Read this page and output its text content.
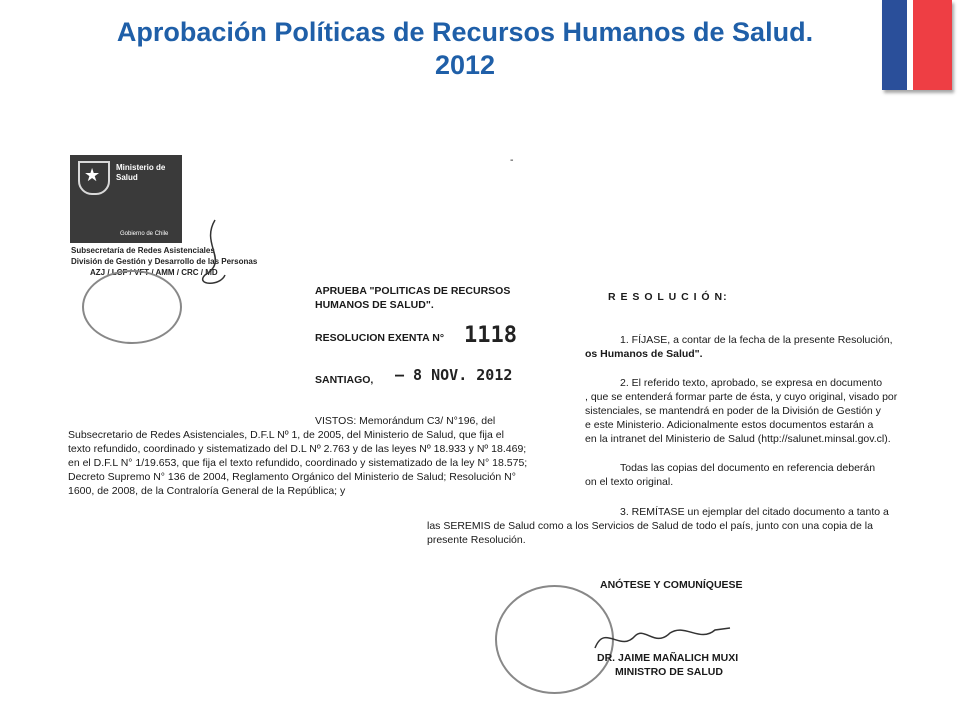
Aprobación Políticas de Recursos Humanos de Salud.
2012
★ Ministerio de Salud
Gobierno de Chile
Subsecretaría de Redes Asistenciales
División de Gestión y Desarrollo de las Personas
AZJ / LCF / VFT / AMM / CRC / MD
-
APRUEBA "POLITICAS DE RECURSOS
HUMANOS DE SALUD".
RESOLUCION EXENTA N° 1118
SANTIAGO, – 8 NOV. 2012
VISTOS: Memorándum C3/ N°196, del
Subsecretario de Redes Asistenciales, D.F.L Nº 1, de 2005, del Ministerio de Salud, que fija el
texto refundido, coordinado y sistematizado del D.L Nº 2.763 y de las leyes Nº 18.933 y Nº 18.469;
en el D.F.L N° 1/19.653, que fija el texto refundido, coordinado y sistematizado de la ley N° 18.575;
Decreto Supremo N° 136 de 2004, Reglamento Orgánico del Ministerio de Salud; Resolución N°
1600, de 2008, de la Contraloría General de la República; y
R E S O L U C I Ó N:
1. FÍJASE, a contar de la fecha de la presente Resolución,
os Humanos de Salud".
2. El referido texto, aprobado, se expresa en documento
, que se entenderá formar parte de ésta, y cuyo original, visado por
sistenciales, se mantendrá en poder de la División de Gestión y
e este Ministerio. Adicionalmente estos documentos estarán a
en la intranet del Ministerio de Salud (http://salunet.minsal.gov.cl).
Todas las copias del documento en referencia deberán
on el texto original.
3. REMÍTASE un ejemplar del citado documento a tanto a
las SEREMIS de Salud como a los Servicios de Salud de todo el país, junto con una copia de la
presente Resolución.
ANÓTESE Y COMUNÍQUESE
DR. JAIME MAÑALICH MUXI
MINISTRO DE SALUD
